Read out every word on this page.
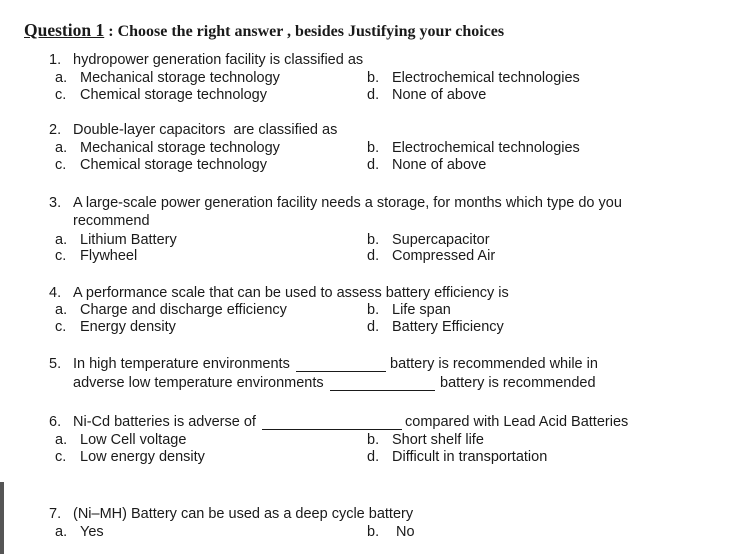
Question 1 : Choose the right answer , besides Justifying your choices
1. hydropower generation facility is classified as
a. Mechanical storage technology	b. Electrochemical technologies
c. Chemical storage technology	d. None of above
2. Double-layer capacitors  are classified as
a. Mechanical storage technology	b. Electrochemical technologies
c. Chemical storage technology	d. None of above
3. A large-scale power generation facility needs a storage, for months which type do you
recommend
a. Lithium Battery	b. Supercapacitor
c. Flywheel	d. Compressed Air
4. A performance scale that can be used to assess battery efficiency is
a. Charge and discharge efficiency	b. Life span
c. Energy density	d. Battery Efficiency
5. In high temperature environments	battery is recommended while in
adverse low temperature environments	battery is recommended
6. Ni-Cd batteries is adverse of	compared with Lead Acid Batteries
a. Low Cell voltage	b. Short shelf life
c. Low energy density	d. Difficult in transportation
7. (Ni–MH) Battery can be used as a deep cycle battery
a. Yes	b. No
